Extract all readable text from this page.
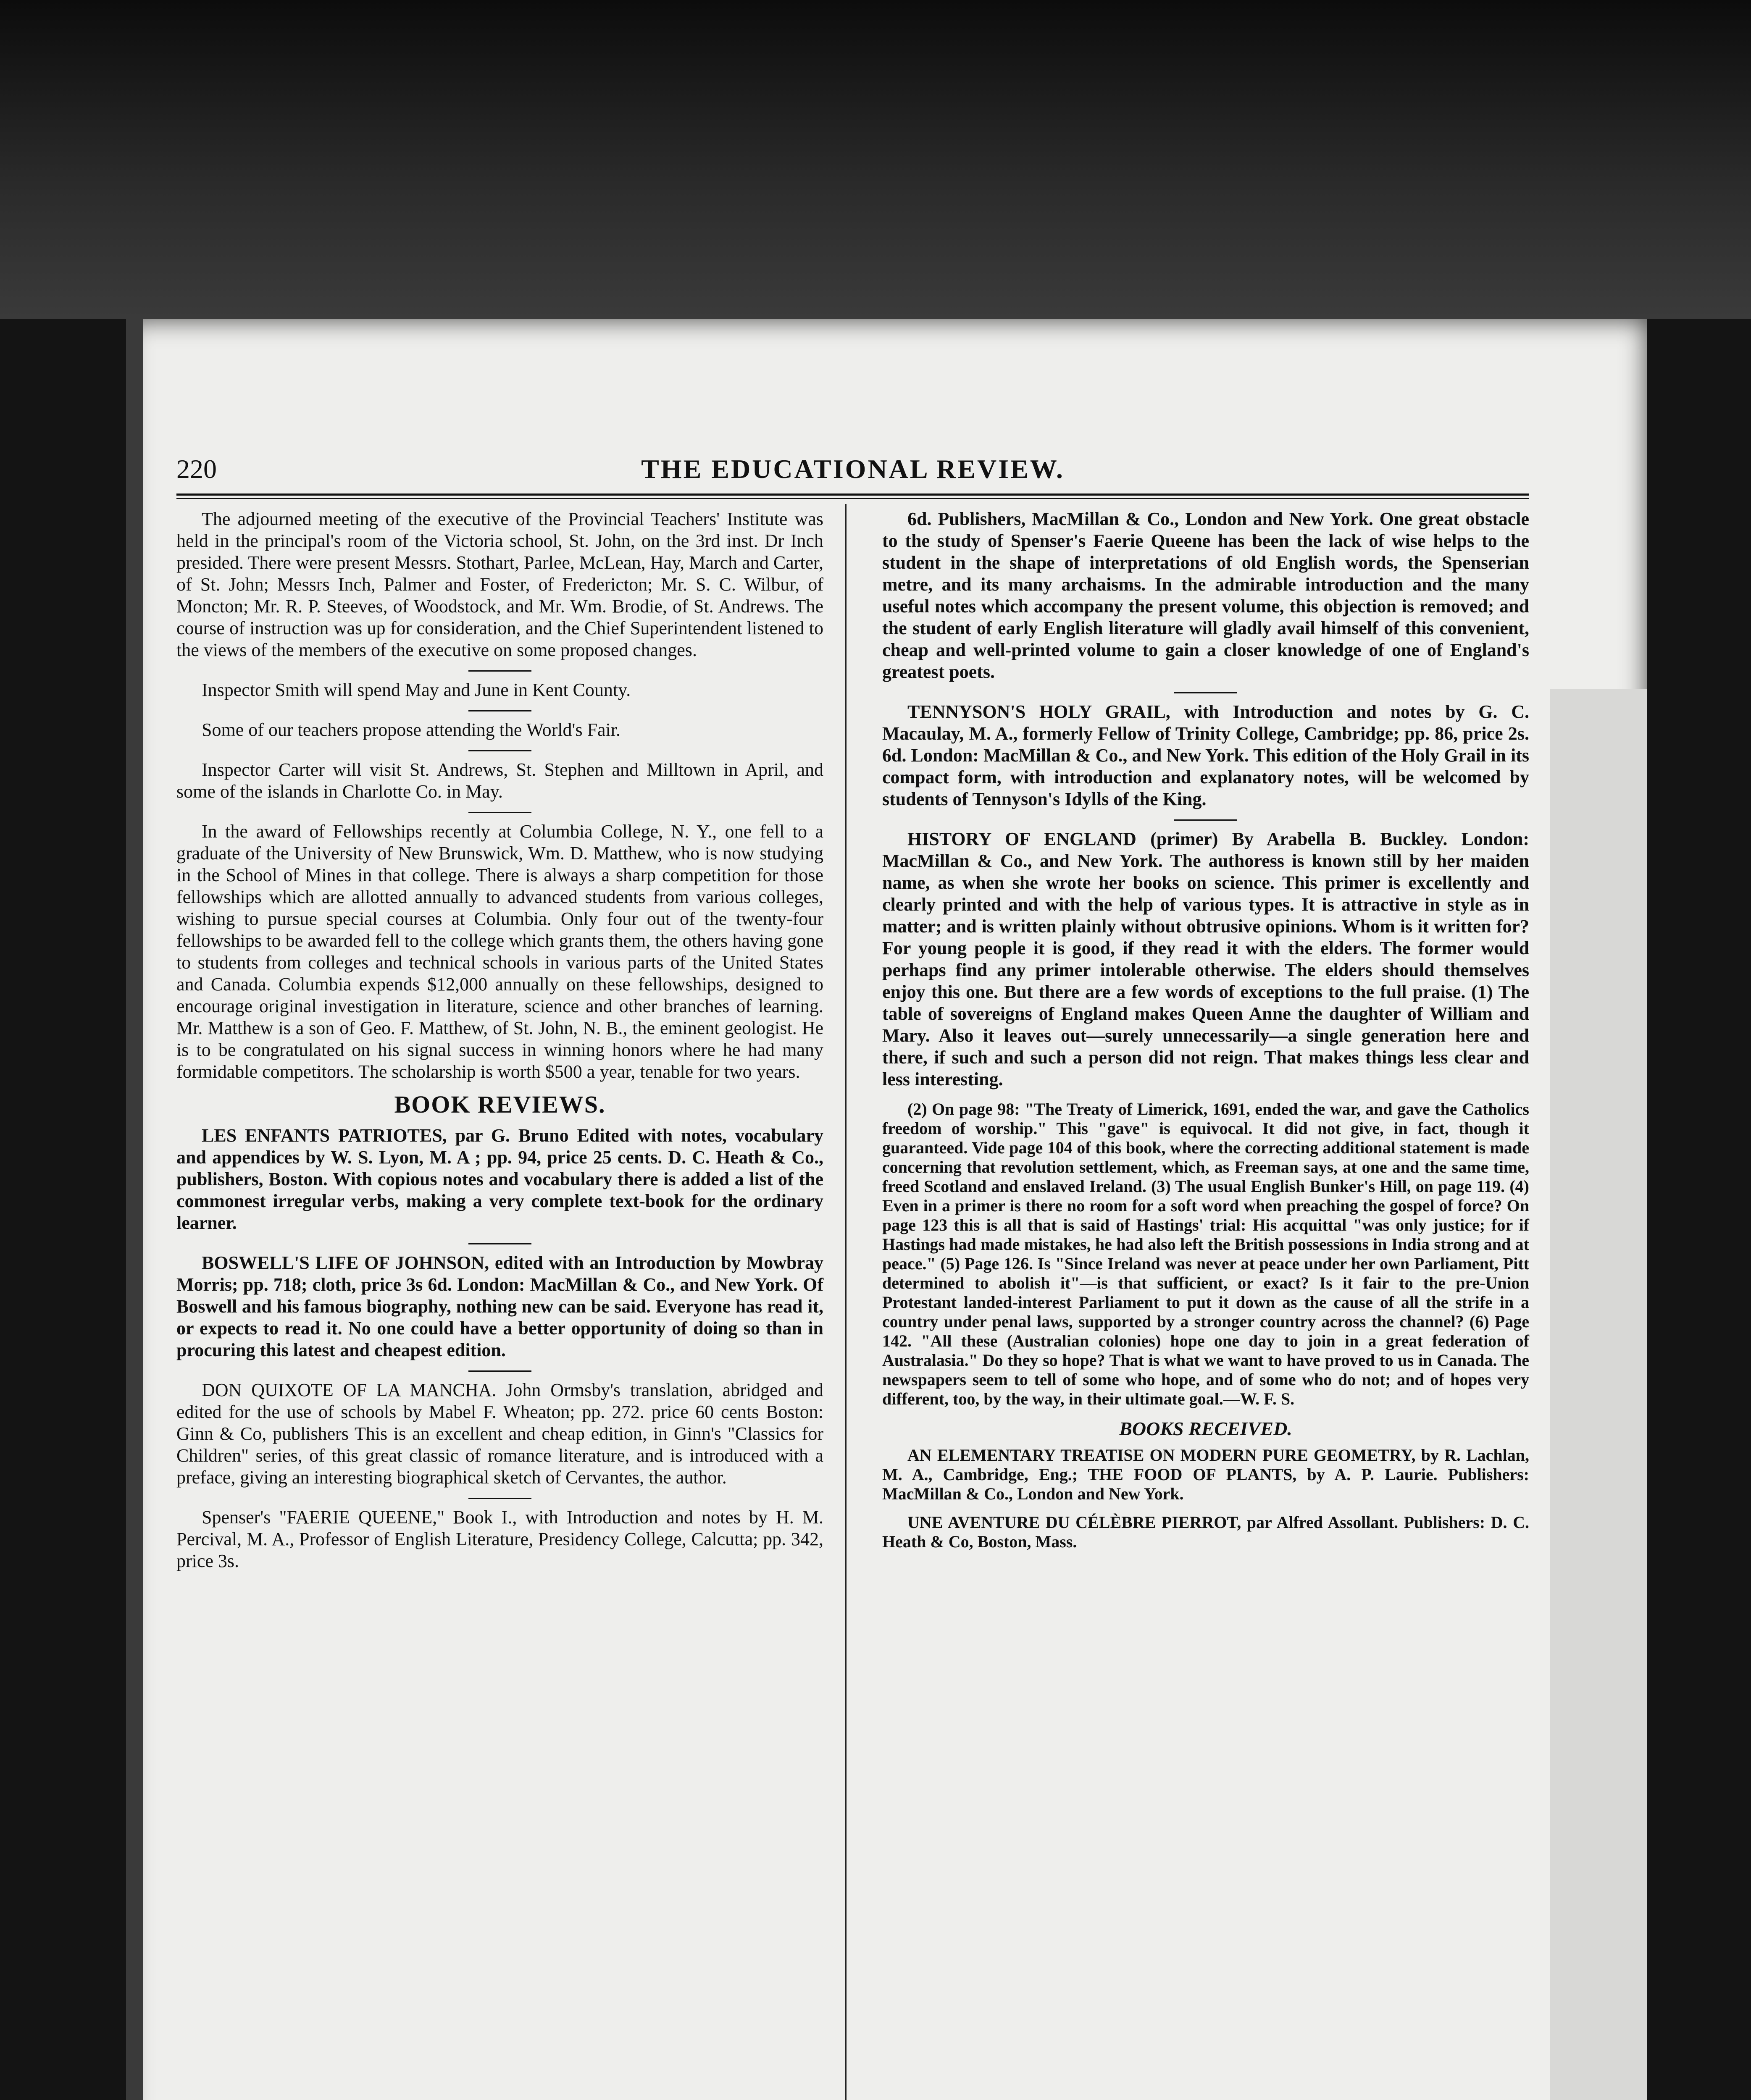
220	THE EDUCATIONAL REVIEW.

The adjourned meeting of the executive of the Provincial Teachers' Institute was held in the principal's room of the Victoria school, St. John, on the 3rd inst. Dr Inch presided. There were present Messrs. Stothart, Parlee, McLean, Hay, March and Carter, of St. John; Messrs Inch, Palmer and Foster, of Fredericton; Mr. S. C. Wilbur, of Moncton; Mr. R. P. Steeves, of Woodstock, and Mr. Wm. Brodie, of St. Andrews. The course of instruction was up for consideration, and the Chief Superintendent listened to the views of the members of the executive on some proposed changes.

Inspector Smith will spend May and June in Kent County.

Some of our teachers propose attending the World's Fair.

Inspector Carter will visit St. Andrews, St. Stephen and Milltown in April, and some of the islands in Charlotte Co. in May.

In the award of Fellowships recently at Columbia College, N. Y., one fell to a graduate of the University of New Brunswick, Wm. D. Matthew, who is now studying in the School of Mines in that college. There is always a sharp competition for those fellowships which are allotted annually to advanced students from various colleges, wishing to pursue special courses at Columbia. Only four out of the twenty-four fellowships to be awarded fell to the college which grants them, the others having gone to students from colleges and technical schools in various parts of the United States and Canada. Columbia expends $12,000 annually on these fellowships, designed to encourage original investigation in literature, science and other branches of learning. Mr. Matthew is a son of Geo. F. Matthew, of St. John, N. B., the eminent geologist. He is to be congratulated on his signal success in winning honors where he had many formidable competitors. The scholarship is worth $500 a year, tenable for two years.

BOOK REVIEWS.

LES ENFANTS PATRIOTES, par G. Bruno Edited with notes, vocabulary and appendices by W. S. Lyon, M. A ; pp. 94, price 25 cents. D. C. Heath & Co., publishers, Boston. With copious notes and vocabulary there is added a list of the commonest irregular verbs, making a very complete text-book for the ordinary learner.

BOSWELL'S LIFE OF JOHNSON, edited with an Introduction by Mowbray Morris; pp. 718; cloth, price 3s 6d. London: MacMillan & Co., and New York. Of Boswell and his famous biography, nothing new can be said. Everyone has read it, or expects to read it. No one could have a better opportunity of doing so than in procuring this latest and cheapest edition.

DON QUIXOTE OF LA MANCHA. John Ormsby's translation, abridged and edited for the use of schools by Mabel F. Wheaton; pp. 272. price 60 cents Boston: Ginn & Co, publishers This is an excellent and cheap edition, in Ginn's "Classics for Children" series, of this great classic of romance literature, and is introduced with a preface, giving an interesting biographical sketch of Cervantes, the author.

Spenser's "FAERIE QUEENE," Book I., with Introduction and notes by H. M. Percival, M. A., Professor of English Literature, Presidency College, Calcutta; pp. 342, price 3s.

6d. Publishers, MacMillan & Co., London and New York. One great obstacle to the study of Spenser's Faerie Queene has been the lack of wise helps to the student in the shape of interpretations of old English words, the Spenserian metre, and its many archaisms. In the admirable introduction and the many useful notes which accompany the present volume, this objection is removed; and the student of early English literature will gladly avail himself of this convenient, cheap and well-printed volume to gain a closer knowledge of one of England's greatest poets.

TENNYSON'S HOLY GRAIL, with Introduction and notes by G. C. Macaulay, M. A., formerly Fellow of Trinity College, Cambridge; pp. 86, price 2s. 6d. London: MacMillan & Co., and New York. This edition of the Holy Grail in its compact form, with introduction and explanatory notes, will be welcomed by students of Tennyson's Idylls of the King.

HISTORY OF ENGLAND (primer) By Arabella B. Buckley. London: MacMillan & Co., and New York. The authoress is known still by her maiden name, as when she wrote her books on science. This primer is excellently and clearly printed and with the help of various types. It is attractive in style as in matter; and is written plainly without obtrusive opinions. Whom is it written for? For young people it is good, if they read it with the elders. The former would perhaps find any primer intolerable otherwise. The elders should themselves enjoy this one. But there are a few words of exceptions to the full praise. (1) The table of sovereigns of England makes Queen Anne the daughter of William and Mary. Also it leaves out—surely unnecessarily—a single generation here and there, if such and such a person did not reign. That makes things less clear and less interesting.

(2) On page 98: "The Treaty of Limerick, 1691, ended the war, and gave the Catholics freedom of worship." This "gave" is equivocal. It did not give, in fact, though it guaranteed. Vide page 104 of this book, where the correcting additional statement is made concerning that revolution settlement, which, as Freeman says, at one and the same time, freed Scotland and enslaved Ireland. (3) The usual English Bunker's Hill, on page 119. (4) Even in a primer is there no room for a soft word when preaching the gospel of force? On page 123 this is all that is said of Hastings' trial: His acquittal "was only justice; for if Hastings had made mistakes, he had also left the British possessions in India strong and at peace." (5) Page 126. Is "Since Ireland was never at peace under her own Parliament, Pitt determined to abolish it"—is that sufficient, or exact? Is it fair to the pre-Union Protestant landed-interest Parliament to put it down as the cause of all the strife in a country under penal laws, supported by a stronger country across the channel? (6) Page 142. "All these (Australian colonies) hope one day to join in a great federation of Australasia." Do they so hope? That is what we want to have proved to us in Canada. The newspapers seem to tell of some who hope, and of some who do not; and of hopes very different, too, by the way, in their ultimate goal.—W. F. S.

BOOKS RECEIVED.

AN ELEMENTARY TREATISE ON MODERN PURE GEOMETRY, by R. Lachlan, M. A., Cambridge, Eng.; THE FOOD OF PLANTS, by A. P. Laurie. Publishers: MacMillan & Co., London and New York.

UNE AVENTURE DU CÉLÈBRE PIERROT, par Alfred Assollant. Publishers: D. C. Heath & Co, Boston, Mass.
